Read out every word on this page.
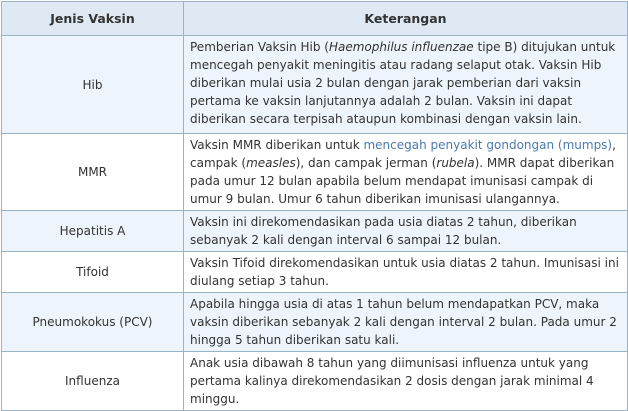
Jenis Vaksin	Keterangan
Hib	Pemberian Vaksin Hib (Haemophilus influenzae tipe B) ditujukan untuk mencegah penyakit meningitis atau radang selaput otak. Vaksin Hib diberikan mulai usia 2 bulan dengan jarak pemberian dari vaksin pertama ke vaksin lanjutannya adalah 2 bulan. Vaksin ini dapat diberikan secara terpisah ataupun kombinasi dengan vaksin lain.
MMR	Vaksin MMR diberikan untuk mencegah penyakit gondongan (mumps), campak (measles), dan campak jerman (rubela). MMR dapat diberikan pada umur 12 bulan apabila belum mendapat imunisasi campak di umur 9 bulan. Umur 6 tahun diberikan imunisasi ulangannya.
Hepatitis A	Vaksin ini direkomendasikan pada usia diatas 2 tahun, diberikan sebanyak 2 kali dengan interval 6 sampai 12 bulan.
Tifoid	Vaksin Tifoid direkomendasikan untuk usia diatas 2 tahun. Imunisasi ini diulang setiap 3 tahun.
Pneumokokus (PCV)	Apabila hingga usia di atas 1 tahun belum mendapatkan PCV, maka vaksin diberikan sebanyak 2 kali dengan interval 2 bulan. Pada umur 2 hingga 5 tahun diberikan satu kali.
Influenza	Anak usia dibawah 8 tahun yang diimunisasi influenza untuk yang pertama kalinya direkomendasikan 2 dosis dengan jarak minimal 4 minggu.
